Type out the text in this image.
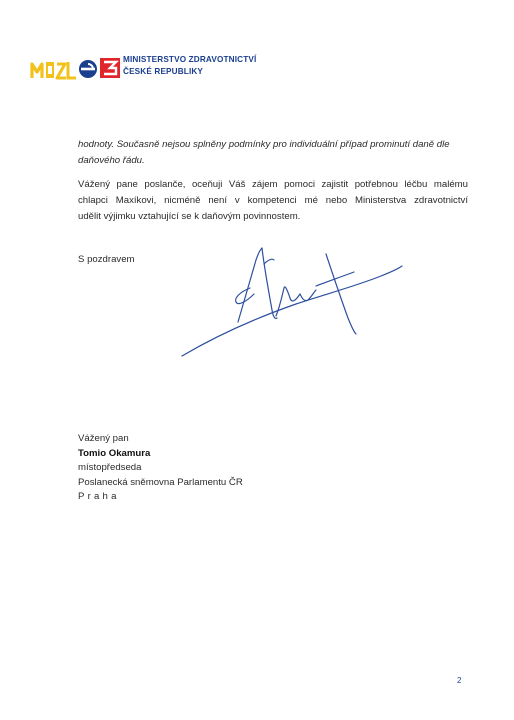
MINISTERSTVO ZDRAVOTNICTVÍ
ČESKÉ REPUBLIKY
hodnoty. Současně nejsou splněny podmínky pro individuální případ prominutí daně dle
daňového řádu.
Vážený pane poslanče, oceňuji Váš zájem pomoci zajistit potřebnou léčbu malému
chlapci Maxíkovi, nicméně není v kompetenci mé nebo Ministerstva zdravotnictví
udělit výjimku vztahující se k daňovým povinnostem.
S pozdravem
Vážený pan
Tomio Okamura
místopředseda
Poslanecká sněmovna Parlamentu ČR
Praha
2
